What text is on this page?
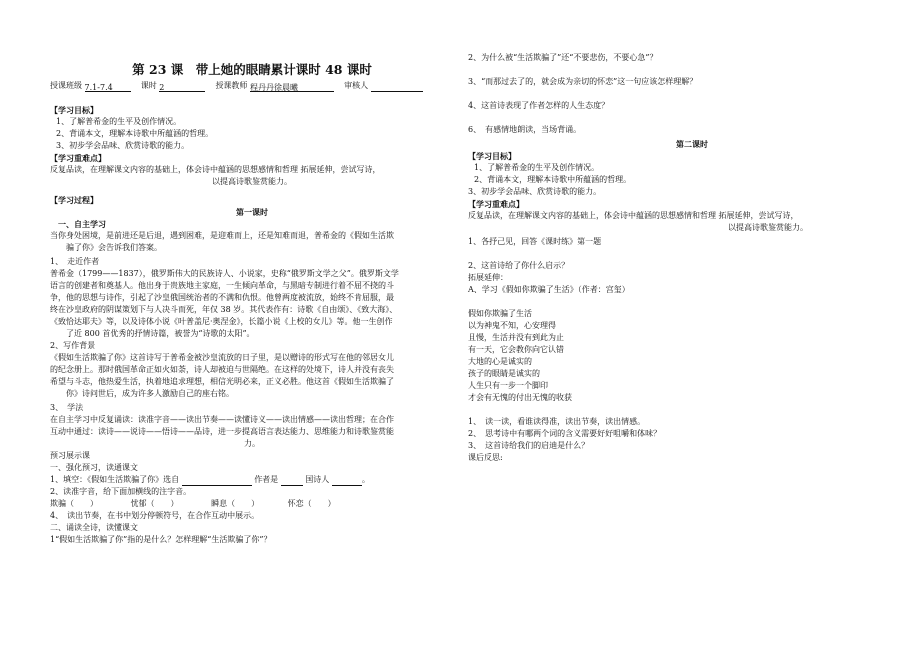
第 23 课　带上她的眼睛累计课时 48 课时
授课班级 7.1-7.4	课时 2	授课教师 程丹丹徐晨曦	审核人

【学习目标】

1、了解普希金的生平及创作情况。

2、背诵本文，理解本诗歌中所蕴涵的哲理。

3、初步学会品味、欣赏诗歌的能力。

【学习重难点】

反复品读，在理解课文内容的基础上，体会诗中蕴涵的思想感情和哲理 拓展延伸，尝试写诗，

以提高诗歌鉴赏能力。

【学习过程】

第一课时

一、自主学习

当你身处困境，是前进还是后退，遇到困难，是迎难而上，还是知难而退，普希金的《假如生活欺

骗了你》会告诉我们答案。

1、　走近作者

普希金（1799——1837），俄罗斯伟大的民族诗人、小说家，史称“俄罗斯文学之父”。俄罗斯文学

语言的创建者和奠基人。他出身于贵族地主家庭，一生倾向革命，与黑暗专制进行着不屈不挠的斗

争，他的思想与诗作，引起了沙皇俄国统治者的不满和仇恨。他曾两度被流放，始终不肯屈服，最

终在沙皇政府的阴谋策划下与人决斗而死，年仅 38 岁。其代表作有：诗歌《自由颂》、《致大海》、

《致恰达耶夫》等，以及诗体小说《叶普盖尼·奥涅金》，长篇小说《上校的女儿》等。他一生创作

了近 800 首优秀的抒情诗篇，被誉为“诗歌的太阳”。

2、写作背景

《假如生活欺骗了你》这首诗写于普希金被沙皇流放的日子里，是以赠诗的形式写在他的邻居女儿

的纪念册上。那时俄国革命正如火如荼，诗人却被迫与世隔绝。在这样的处境下，诗人并没有丧失

希望与斗志，他热爱生活，执着地追求理想，相信光明必来，正义必胜。他这首《假如生活欺骗了

你》诗问世后，成为许多人激励自己的座右铭。

3、　学法

在自主学习中反复诵读：读准字音——读出节奏——读懂诗义——读出情感——读出哲理；在合作

互动中通过：读诗——说诗——悟诗——品诗，进一步提高语言表达能力、思维能力和诗歌鉴赏能

力。

预习展示课

一、强化预习，读通课文

1、填空：《假如生活欺骗了你》选自	作者是	国诗人	。

2、读准字音，给下面加横线的注字音。

欺骗（　　）	忧郁（　　）	瞬息（　　）	怀恋（　　）

4、　读出节奏，在书中划分停顿符号，在合作互动中展示。

二、诵读全诗，读懂课文

1“假如生活欺骗了你”指的是什么？怎样理解“生活欺骗了你”？

2、为什么被“生活欺骗了”还“不要悲伤，不要心急”？

3、“而那过去了的，就会成为亲切的怀恋”这一句应该怎样理解？

4、这首诗表现了作者怎样的人生态度？

6、　有感情地朗读，当场背诵。

第二课时

【学习目标】

1、了解普希金的生平及创作情况。

2、背诵本文，理解本诗歌中所蕴涵的哲理。

3、初步学会品味、欣赏诗歌的能力。

【学习重难点】

反复品读，在理解课文内容的基础上，体会诗中蕴涵的思想感情和哲理 拓展延伸，尝试写诗，

以提高诗歌鉴赏能力。

1、各抒己见，回答《课时练》第一题

2、这首诗给了你什么启示？

拓展延伸：

A、学习《假如你欺骗了生活》（作者：宫玺）

假如你欺骗了生活

以为神鬼不知，心安理得

且慢，生活并没有到此为止

有一天，它会教你向它认错

大地的心是诚实的

孩子的眼睛是诚实的

人生只有一步一个脚印

才会有无愧的付出无愧的收获

1、　读一读，看谁读得准，读出节奏，读出情感。

2、　思考诗中有哪两个词的含义需要好好咀嚼和体味？

3、　这首诗给我们的启迪是什么？

课后反思:
